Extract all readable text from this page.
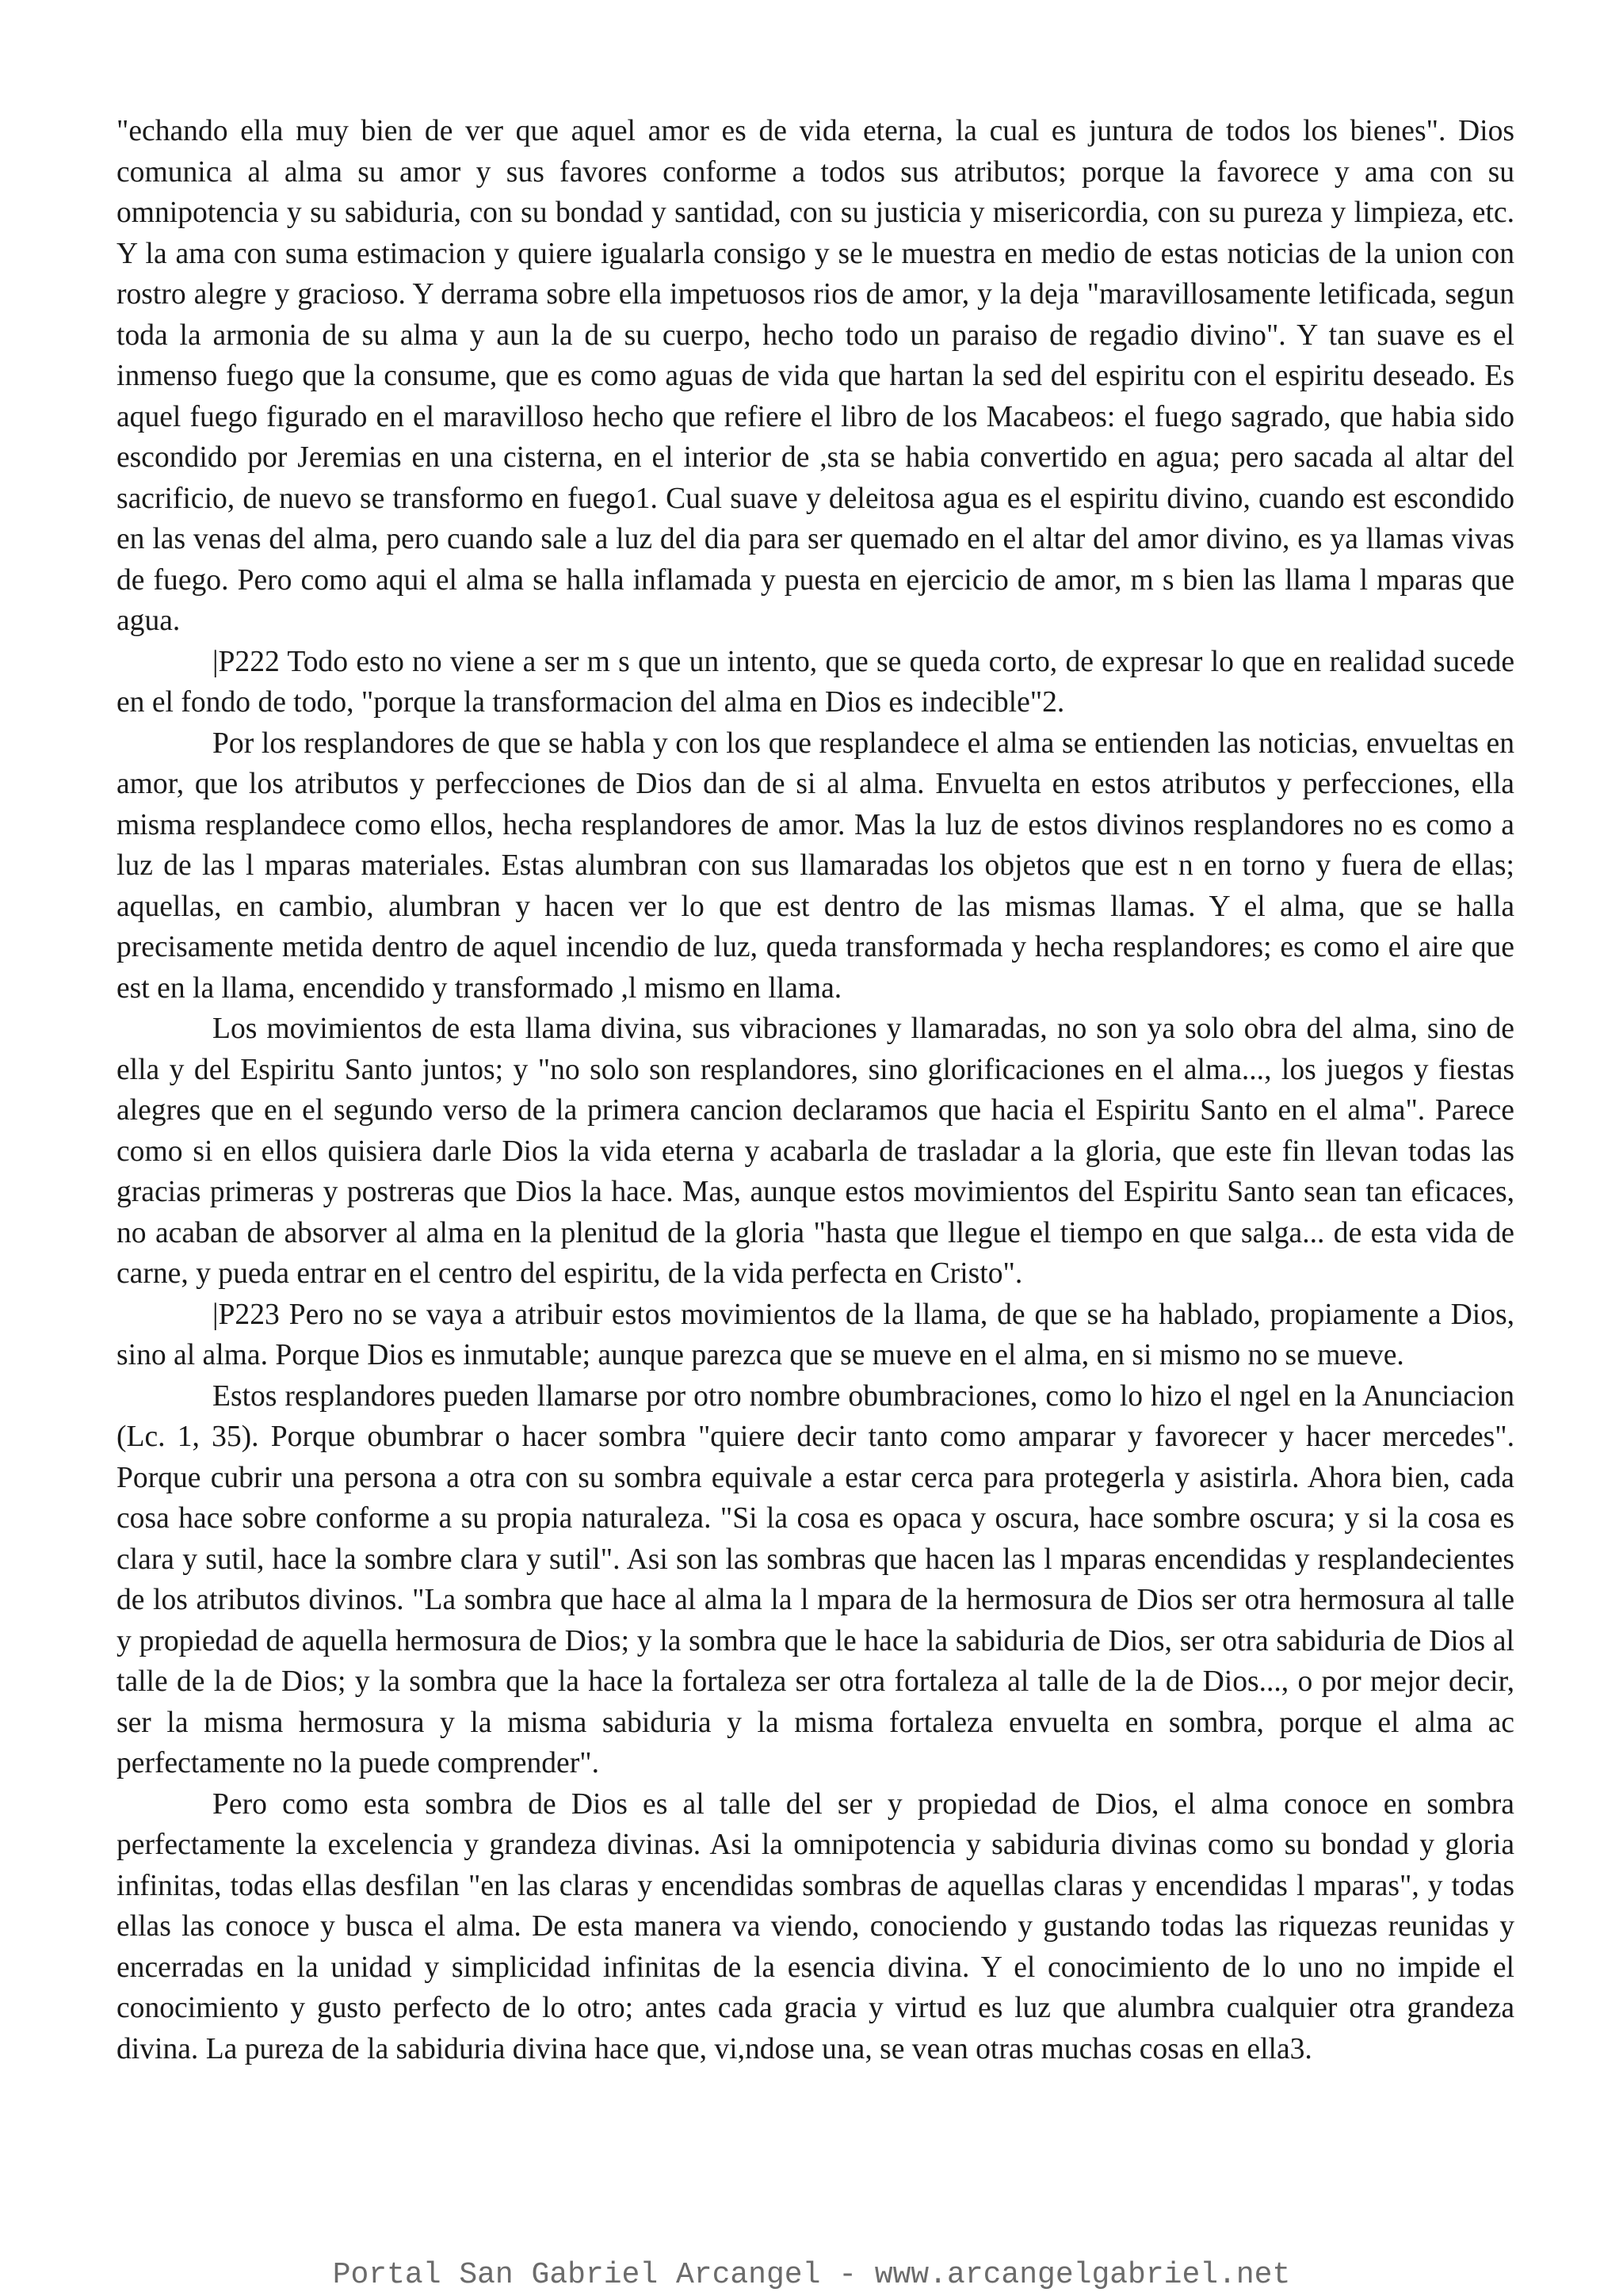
"echando ella muy bien de ver que aquel amor es de vida eterna, la cual es juntura de todos los bienes". Dios comunica al alma su amor y sus favores conforme a todos sus atributos; porque la favorece y ama con su omnipotencia y su sabiduria, con su bondad y santidad, con su justicia y misericordia, con su pureza y limpieza, etc. Y la ama con suma estimacion y quiere igualarla consigo y se le muestra en medio de estas noticias de la union con rostro alegre y gracioso. Y derrama sobre ella impetuosos rios de amor, y la deja "maravillosamente letificada, segun toda la armonia de su alma y aun la de su cuerpo, hecho todo un paraiso de regadio divino". Y tan suave es el inmenso fuego que la consume, que es como aguas de vida que hartan la sed del espiritu con el espiritu deseado. Es aquel fuego figurado en el maravilloso hecho que refiere el libro de los Macabeos: el fuego sagrado, que habia sido escondido por Jeremias en una cisterna, en el interior de ,sta se habia convertido en agua; pero sacada al altar del sacrificio, de nuevo se transformo en fuego1. Cual suave y deleitosa agua es el espiritu divino, cuando est escondido en las venas del alma, pero cuando sale a luz del dia para ser quemado en el altar del amor divino, es ya llamas vivas de fuego. Pero como aqui el alma se halla inflamada y puesta en ejercicio de amor, m s bien las llama l mparas que agua.

|P222 Todo esto no viene a ser m s que un intento, que se queda corto, de expresar lo que en realidad sucede en el fondo de todo, "porque la transformacion del alma en Dios es indecible"2.

Por los resplandores de que se habla y con los que resplandece el alma se entienden las noticias, envueltas en amor, que los atributos y perfecciones de Dios dan de si al alma. Envuelta en estos atributos y perfecciones, ella misma resplandece como ellos, hecha resplandores de amor. Mas la luz de estos divinos resplandores no es como a luz de las l mparas materiales. Estas alumbran con sus llamaradas los objetos que est n en torno y fuera de ellas; aquellas, en cambio, alumbran y hacen ver lo que est dentro de las mismas llamas. Y el alma, que se halla precisamente metida dentro de aquel incendio de luz, queda transformada y hecha resplandores; es como el aire que est en la llama, encendido y transformado ,l mismo en llama.

Los movimientos de esta llama divina, sus vibraciones y llamaradas, no son ya solo obra del alma, sino de ella y del Espiritu Santo juntos; y "no solo son resplandores, sino glorificaciones en el alma..., los juegos y fiestas alegres que en el segundo verso de la primera cancion declaramos que hacia el Espiritu Santo en el alma". Parece como si en ellos quisiera darle Dios la vida eterna y acabarla de trasladar a la gloria, que este fin llevan todas las gracias primeras y postreras que Dios la hace. Mas, aunque estos movimientos del Espiritu Santo sean tan eficaces, no acaban de absorver al alma en la plenitud de la gloria "hasta que llegue el tiempo en que salga... de esta vida de carne, y pueda entrar en el centro del espiritu, de la vida perfecta en Cristo".

|P223 Pero no se vaya a atribuir estos movimientos de la llama, de que se ha hablado, propiamente a Dios, sino al alma. Porque Dios es inmutable; aunque parezca que se mueve en el alma, en si mismo no se mueve.

Estos resplandores pueden llamarse por otro nombre obumbraciones, como lo hizo el ngel en la Anunciacion (Lc. 1, 35). Porque obumbrar o hacer sombra "quiere decir tanto como amparar y favorecer y hacer mercedes". Porque cubrir una persona a otra con su sombra equivale a estar cerca para protegerla y asistirla. Ahora bien, cada cosa hace sobre conforme a su propia naturaleza. "Si la cosa es opaca y oscura, hace sombre oscura; y si la cosa es clara y sutil, hace la sombre clara y sutil". Asi son las sombras que hacen las l mparas encendidas y resplandecientes de los atributos divinos. "La sombra que hace al alma la l mpara de la hermosura de Dios ser otra hermosura al talle y propiedad de aquella hermosura de Dios; y la sombra que le hace la sabiduria de Dios, ser otra sabiduria de Dios al talle de la de Dios; y la sombra que la hace la fortaleza ser otra fortaleza al talle de la de Dios..., o por mejor decir, ser la misma hermosura y la misma sabiduria y la misma fortaleza envuelta en sombra, porque el alma ac perfectamente no la puede comprender".

Pero como esta sombra de Dios es al talle del ser y propiedad de Dios, el alma conoce en sombra perfectamente la excelencia y grandeza divinas. Asi la omnipotencia y sabiduria divinas como su bondad y gloria infinitas, todas ellas desfilan "en las claras y encendidas sombras de aquellas claras y encendidas l mparas", y todas ellas las conoce y busca el alma. De esta manera va viendo, conociendo y gustando todas las riquezas reunidas y encerradas en la unidad y simplicidad infinitas de la esencia divina. Y el conocimiento de lo uno no impide el conocimiento y gusto perfecto de lo otro; antes cada gracia y virtud es luz que alumbra cualquier otra grandeza divina. La pureza de la sabiduria divina hace que, vi,ndose una, se vean otras muchas cosas en ella3.

Portal San Gabriel Arcangel - www.arcangelgabriel.net
